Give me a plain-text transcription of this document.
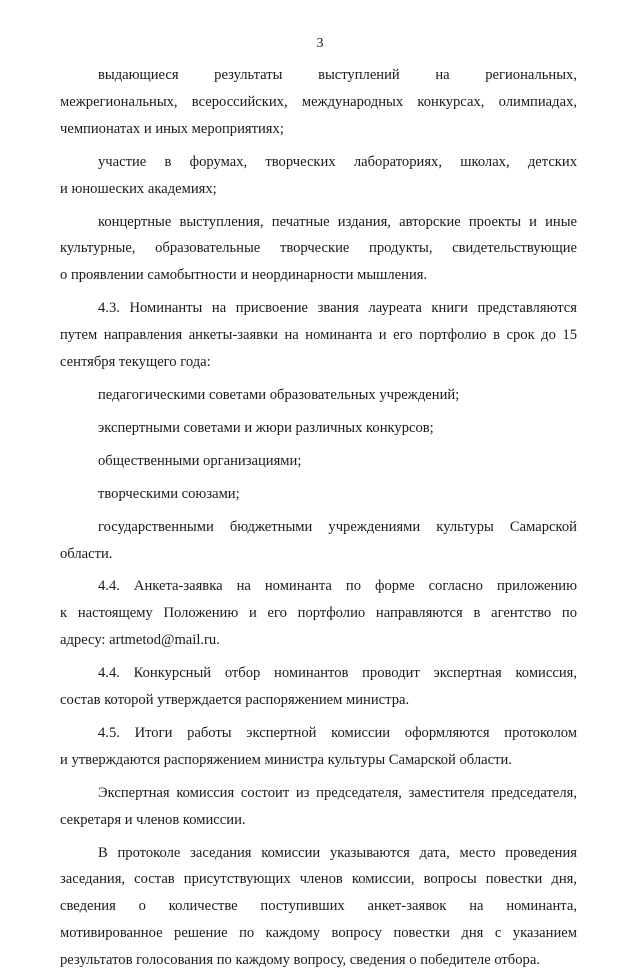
3

выдающиеся результаты выступлений на региональных,
межрегиональных, всероссийских, международных конкурсах, олимпиадах,
чемпионатах и иных мероприятиях;

участие в форумах, творческих лабораториях, школах, детских
и юношеских академиях;

концертные выступления, печатные издания, авторские проекты и иные
культурные, образовательные творческие продукты, свидетельствующие
о проявлении самобытности и неординарности мышления.

4.3. Номинанты на присвоение звания лауреата книги представляются
путем направления анкеты-заявки на номинанта и его портфолио в срок до 15
сентября текущего года:

педагогическими советами образовательных учреждений;

экспертными советами и жюри различных конкурсов;

общественными организациями;

творческими союзами;

государственными бюджетными учреждениями культуры Самарской
области.

4.4. Анкета-заявка на номинанта по форме согласно приложению
к настоящему Положению и его портфолио направляются в агентство по
адресу: artmetod@mail.ru.

4.4. Конкурсный отбор номинантов проводит экспертная комиссия,
состав которой утверждается распоряжением министра.

4.5. Итоги работы экспертной комиссии оформляются протоколом
и утверждаются распоряжением министра культуры Самарской области.

Экспертная комиссия состоит из председателя, заместителя председателя,
секретаря и членов комиссии.

В протоколе заседания комиссии указываются дата, место проведения
заседания, состав присутствующих членов комиссии, вопросы повестки дня,
сведения о количестве поступивших анкет-заявок на номинанта,
мотивированное решение по каждому вопросу повестки дня с указанием
результатов голосования по каждому вопросу, сведения о победителе отбора.
